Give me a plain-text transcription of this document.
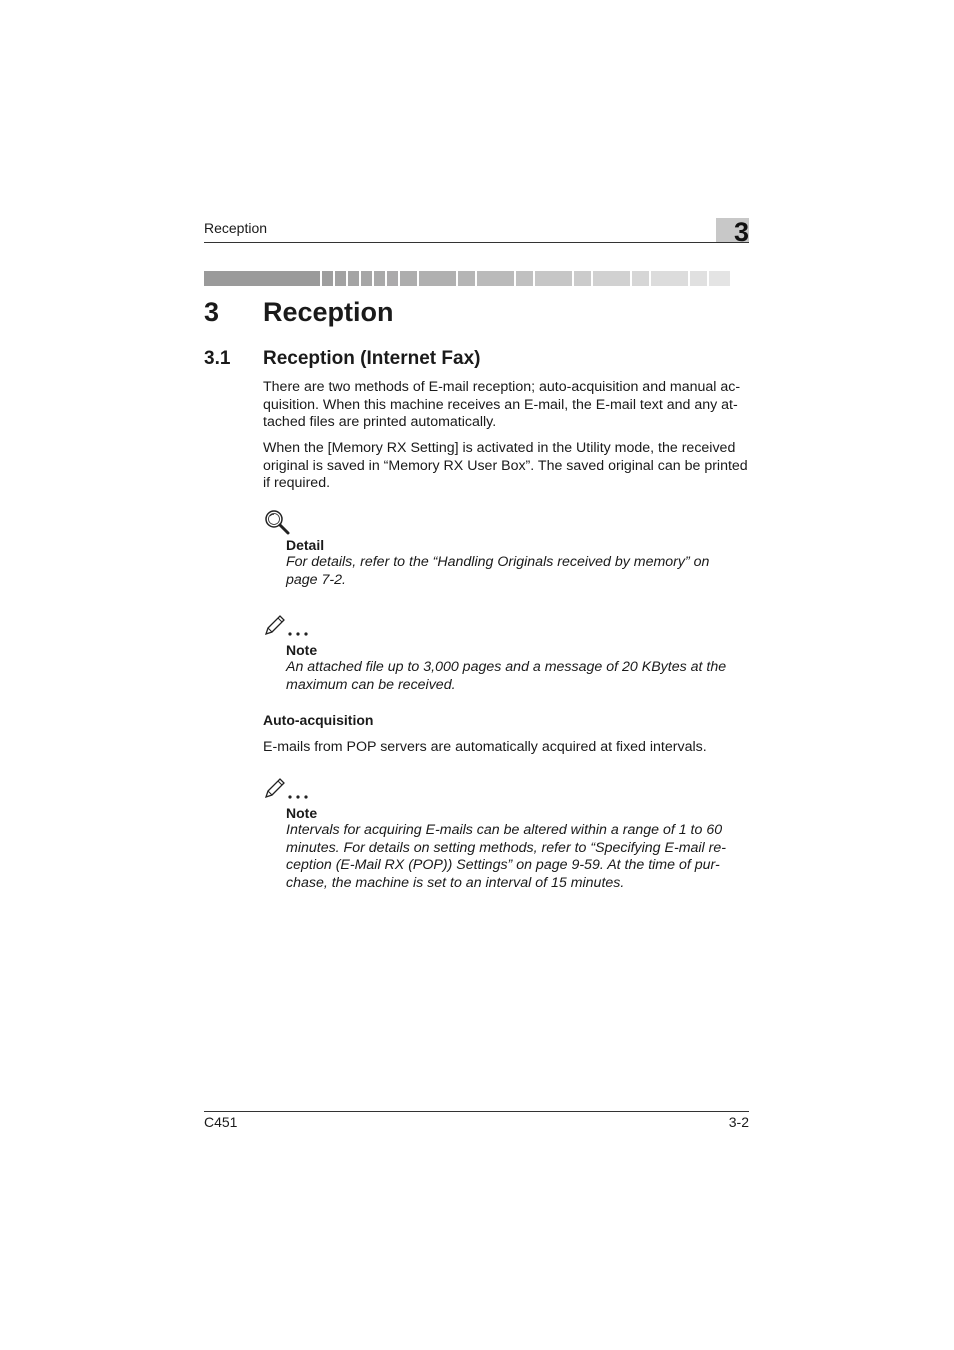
Reception	3
3 Reception
3.1 Reception (Internet Fax)

There are two methods of E-mail reception; auto-acquisition and manual ac-

quisition. When this machine receives an E-mail, the E-mail text and any at-

tached files are printed automatically.

When the [Memory RX Setting] is activated in the Utility mode, the received

original is saved in “Memory RX User Box”. The saved original can be printed

if required.

Detail

For details, refer to the “Handling Originals received by memory” on

page 7-2.

Note

An attached file up to 3,000 pages and a message of 20 KBytes at the

maximum can be received.

Auto-acquisition
E-mails from POP servers are automatically acquired at fixed intervals.
Note

Intervals for acquiring E-mails can be altered within a range of 1 to 60

minutes. For details on setting methods, refer to “Specifying E-mail re-

ception (E-Mail RX (POP)) Settings” on page 9-59. At the time of pur-

chase, the machine is set to an interval of 15 minutes.

C451	3-2
